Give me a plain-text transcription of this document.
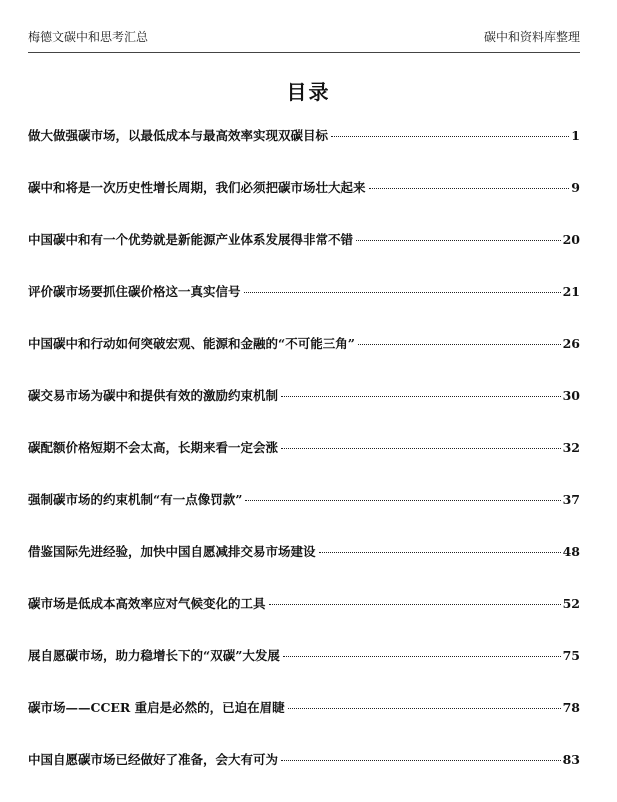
梅德文碳中和思考汇总	碳中和资料库整理
目录
做大做强碳市场，以最低成本与最高效率实现双碳目标	1
碳中和将是一次历史性增长周期，我们必须把碳市场壮大起来	9
中国碳中和有一个优势就是新能源产业体系发展得非常不错	20
评价碳市场要抓住碳价格这一真实信号	21
中国碳中和行动如何突破宏观、能源和金融的“不可能三角”	26
碳交易市场为碳中和提供有效的激励约束机制	30
碳配额价格短期不会太高，长期来看一定会涨	32
强制碳市场的约束机制“有一点像罚款”	37
借鉴国际先进经验，加快中国自愿减排交易市场建设	48
碳市场是低成本高效率应对气候变化的工具	52
展自愿碳市场，助力稳增长下的“双碳”大发展	75
碳市场——CCER 重启是必然的，已迫在眉睫	78
中国自愿碳市场已经做好了准备，会大有可为	83
